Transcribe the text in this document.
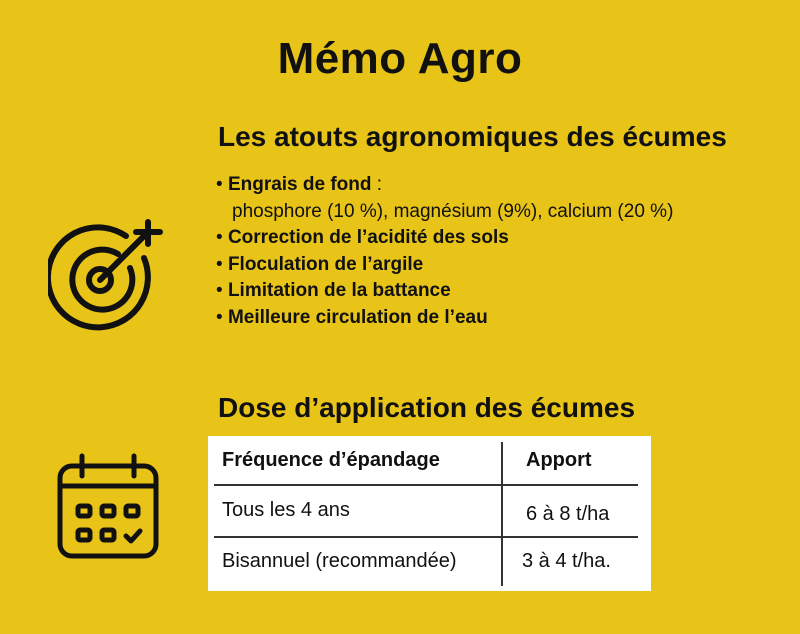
Mémo Agro
Les atouts agronomiques des écumes
• Engrais de fond :
phosphore (10 %), magnésium (9%), calcium (20 %)
• Correction de l’acidité des sols
• Floculation de l’argile
• Limitation de la battance
• Meilleure circulation de l’eau
Dose d’application des écumes
Fréquence d’épandage	Apport
Tous les 4 ans	6 à 8 t/ha
Bisannuel (recommandée)	3 à 4 t/ha.
